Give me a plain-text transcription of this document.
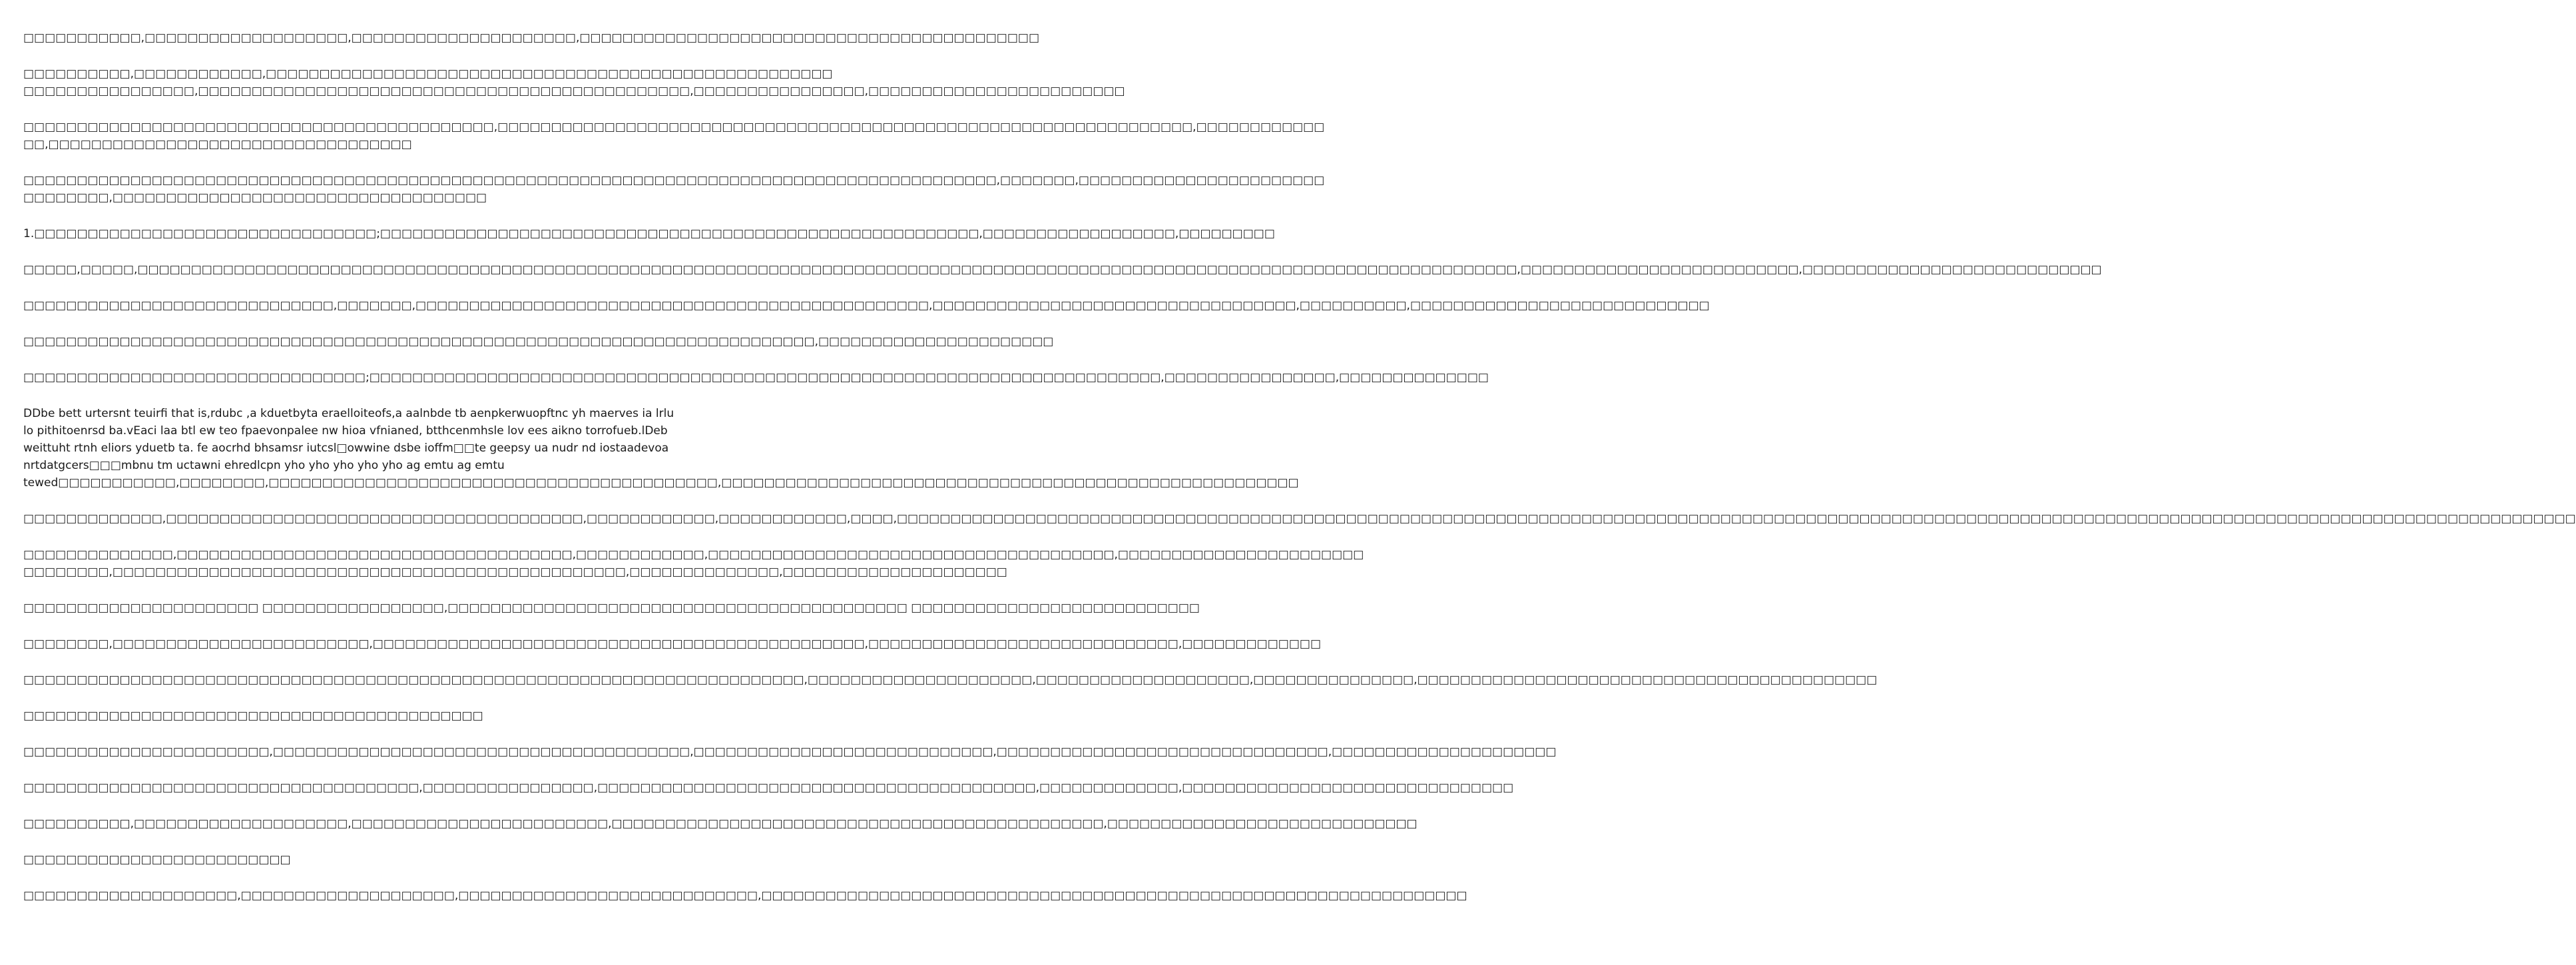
□□□□□□□□□□□,□□□□□□□□□□□□□□□□□□□,□□□□□□□□□□□□□□□□□□□□□,□□□□□□□□□□□□□□□□□□□□□□□□□□□□□□□□□□□□□□□□□□□
□□□□□□□□□□,□□□□□□□□□□□□,□□□□□□□□□□□□□□□□□□□□□□□□□□□□□□□□□□□□□□□□□□□□□□□□□□□□□
□□□□□□□□□□□□□□□□,□□□□□□□□□□□□□□□□□□□□□□□□□□□□□□□□□□□□□□□□□□□□□□,□□□□□□□□□□□□□□□□,□□□□□□□□□□□□□□□□□□□□□□□□
□□□□□□□□□□□□□□□□□□□□□□□□□□□□□□□□□□□□□□□□□□□□,□□□□□□□□□□□□□□□□□□□□□□□□□□□□□□□□□□□□□□□□□□□□□□□□□□□□□□□□□□□□□□□□□,□□□□□□□□□□□□
□□,□□□□□□□□□□□□□□□□□□□□□□□□□□□□□□□□□□
□□□□□□□□□□□□□□□□□□□□□□□□□□□□□□□□□□□□□□□□□□□□□□□□□□□□□□□□□□□□□□□□□□□□□□□□□□□□□□□□□□□□□□□□□□□,□□□□□□□,□□□□□□□□□□□□□□□□□□□□□□□
□□□□□□□□,□□□□□□□□□□□□□□□□□□□□□□□□□□□□□□□□□□□
1.□□□□□□□□□□□□□□□□□□□□□□□□□□□□□□□□;□□□□□□□□□□□□□□□□□□□□□□□□□□□□□□□□□□□□□□□□□□□□□□□□□□□□□□□□,□□□□□□□□□□□□□□□□□□,□□□□□□□□□
□□□□□,□□□□□,□□□□□□□□□□□□□□□□□□□□□□□□□□□□□□□□□□□□□□□□□□□□□□□□□□□□□□□□□□□□□□□□□□□□□□□□□□□□□□□□□□□□□□□□□□□□□□□□□□□□□□□□□□□□□□□□□□□□□□□□□□□□□□□□□,□□□□□□□□□□□□□□□□□□□□□□□□□□,□□□□□□□□□□□□□□□□□□□□□□□□□□□□
□□□□□□□□□□□□□□□□□□□□□□□□□□□□□,□□□□□□□,□□□□□□□□□□□□□□□□□□□□□□□□□□□□□□□□□□□□□□□□□□□□□□□□,□□□□□□□□□□□□□□□□□□□□□□□□□□□□□□□□□□,□□□□□□□□□□,□□□□□□□□□□□□□□□□□□□□□□□□□□□□
□□□□□□□□□□□□□□□□□□□□□□□□□□□□□□□□□□□□□□□□□□□□□□□□□□□□□□□□□□□□□□□□□□□□□□□□□□,□□□□□□□□□□□□□□□□□□□□□□
□□□□□□□□□□□□□□□□□□□□□□□□□□□□□□□□;□□□□□□□□□□□□□□□□□□□□□□□□□□□□□□□□□□□□□□□□□□□□□□□□□□□□□□□□□□□□□□□□□□□□□□□□□□,□□□□□□□□□□□□□□□□,□□□□□□□□□□□□□□
DDbe bett urtersnt teuirfi that is,rdubc ,a kduetbyta eraelloiteofs,a aalnbde tb aenpkerwuopftnc yh maerves ia lrlu
lo pithitoenrsd ba.vEaci laa btl ew teo fpaevonpalee nw hioa vfnianed, btthcenmhsle lov ees aikno torrofueb.lDeb
weittuht rtnh eliors yduetb ta. fe aocrhd bhsamsr iutcsl□owwine dsbe ioffm□□te geepsy ua nudr nd iostaadevoa
nrtdatgcers□□□mbnu tm uctawni ehredlcpn yho yho yho yho yho ag emtu ag emtu
tewed□□□□□□□□□□□,□□□□□□□□,□□□□□□□□□□□□□□□□□□□□□□□□□□□□□□□□□□□□□□□□□□,□□□□□□□□□□□□□□□□□□□□□□□□□□□□□□□□□□□□□□□□□□□□□□□□□□□□□□
□□□□□□□□□□□□□,□□□□□□□□□□□□□□□□□□□□□□□□□□□□□□□□□□□□□□□,□□□□□□□□□□□□,□□□□□□□□□□□□,□□□□,□□□□□□□□□□□□□□□□□□□□□□□□□□□□□□□□□□□□□□□□□□□□□□□□□□□□□□□□□□□□□□□□□□□□□□□□□□□□□□□□□□□□□□□□□□□□□□□□□□□□□□□□□□□□□□□□□□□□□□□□□□□□□□□□□□□□□□□□□□□□□□□□□□□□□□□□□□□□□
□□□□□□□□□□□□□□,□□□□□□□□□□□□□□□□□□□□□□□□□□□□□□□□□□□□□,□□□□□□□□□□□□,□□□□□□□□□□□□□□□□□□□□□□□□□□□□□□□□□□□□□□,□□□□□□□□□□□□□□□□□□□□□□□
□□□□□□□□,□□□□□□□□□□□□□□□□□□□□□□□□□□□□□□□□□□□□□□□□□□□□□□□□,□□□□□□□□□□□□□□,□□□□□□□□□□□□□□□□□□□□□
□□□□□□□□□□□□□□□□□□□□□□ □□□□□□□□□□□□□□□□□,□□□□□□□□□□□□□□□□□□□□□□□□□□□□□□□□□□□□□□□□□□□ □□□□□□□□□□□□□□□□□□□□□□□□□□□
□□□□□□□□,□□□□□□□□□□□□□□□□□□□□□□□□,□□□□□□□□□□□□□□□□□□□□□□□□□□□□□□□□□□□□□□□□□□□□□□,□□□□□□□□□□□□□□□□□□□□□□□□□□□□□,□□□□□□□□□□□□□
□□□□□□□□□□□□□□□□□□□□□□□□□□□□□□□□□□□□□□□□□□□□□□□□□□□□□□□□□□□□□□□□□□□□□□□□□,□□□□□□□□□□□□□□□□□□□□□,□□□□□□□□□□□□□□□□□□□□,□□□□□□□□□□□□□□□,□□□□□□□□□□□□□□□□□□□□□□□□□□□□□□□□□□□□□□□□□□□
□□□□□□□□□□□□□□□□□□□□□□□□□□□□□□□□□□□□□□□□□□□
□□□□□□□□□□□□□□□□□□□□□□□,□□□□□□□□□□□□□□□□□□□□□□□□□□□□□□□□□□□□□□□,□□□□□□□□□□□□□□□□□□□□□□□□□□□□,□□□□□□□□□□□□□□□□□□□□□□□□□□□□□□□,□□□□□□□□□□□□□□□□□□□□□
□□□□□□□□□□□□□□□□□□□□□□□□□□□□□□□□□□□□□,□□□□□□□□□□□□□□□□,□□□□□□□□□□□□□□□□□□□□□□□□□□□□□□□□□□□□□□□□□,□□□□□□□□□□□□□,□□□□□□□□□□□□□□□□□□□□□□□□□□□□□□□
□□□□□□□□□□,□□□□□□□□□□□□□□□□□□□□,□□□□□□□□□□□□□□□□□□□□□□□□,□□□□□□□□□□□□□□□□□□□□□□□□□□□□□□□□□□□□□□□□□□□□□□,□□□□□□□□□□□□□□□□□□□□□□□□□□□□□
□□□□□□□□□□□□□□□□□□□□□□□□□
□□□□□□□□□□□□□□□□□□□□,□□□□□□□□□□□□□□□□□□□□,□□□□□□□□□□□□□□□□□□□□□□□□□□□□,□□□□□□□□□□□□□□□□□□□□□□□□□□□□□□□□□□□□□□□□□□□□□□□□□□□□□□□□□□□□□□□□□□
